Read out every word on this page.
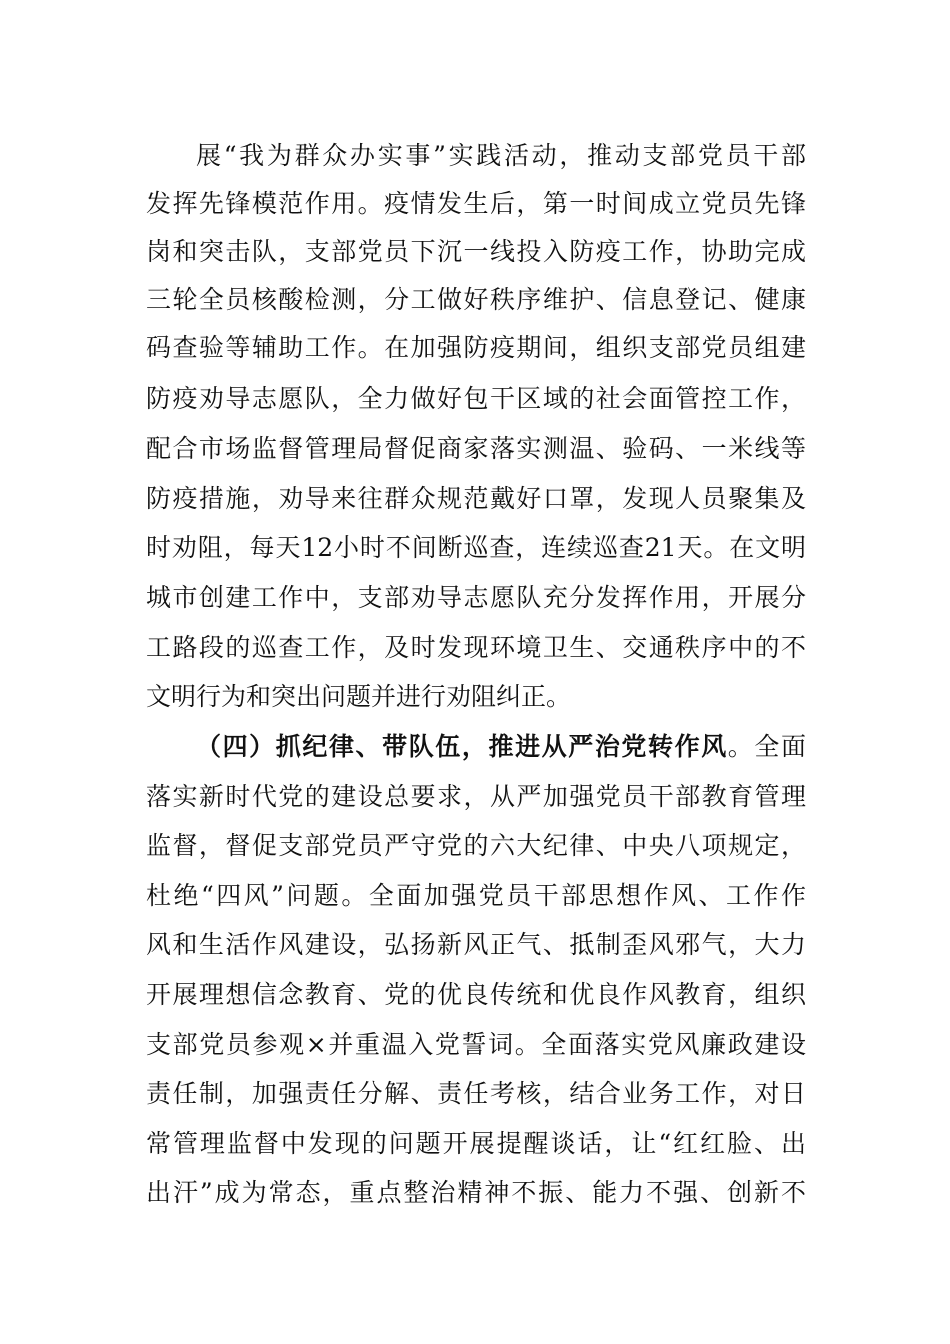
展“我为群众办实事”实践活动，推动支部党员干部
发挥先锋模范作用。疫情发生后，第一时间成立党员先锋
岗和突击队，支部党员下沉一线投入防疫工作，协助完成
三轮全员核酸检测，分工做好秩序维护、信息登记、健康
码查验等辅助工作。在加强防疫期间，组织支部党员组建
防疫劝导志愿队，全力做好包干区域的社会面管控工作，
配合市场监督管理局督促商家落实测温、验码、一米线等
防疫措施，劝导来往群众规范戴好口罩，发现人员聚集及
时劝阻，每天12小时不间断巡查，连续巡查21天。在文明
城市创建工作中，支部劝导志愿队充分发挥作用，开展分
工路段的巡查工作，及时发现环境卫生、交通秩序中的不
文明行为和突出问题并进行劝阻纠正。
（四）抓纪律、带队伍，推进从严治党转作风。全面
落实新时代党的建设总要求，从严加强党员干部教育管理
监督，督促支部党员严守党的六大纪律、中央八项规定，
杜绝“四风”问题。全面加强党员干部思想作风、工作作
风和生活作风建设，弘扬新风正气、抵制歪风邪气，大力
开展理想信念教育、党的优良传统和优良作风教育，组织
支部党员参观×并重温入党誓词。全面落实党风廉政建设
责任制，加强责任分解、责任考核，结合业务工作，对日
常管理监督中发现的问题开展提醒谈话，让“红红脸、出
出汗”成为常态，重点整治精神不振、能力不强、创新不
